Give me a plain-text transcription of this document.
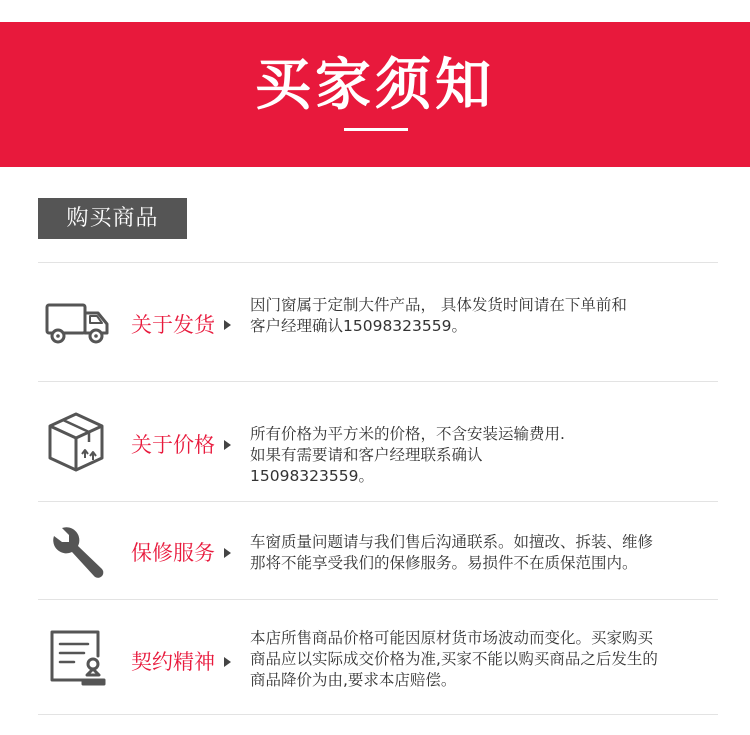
买家须知
购买商品
关于发货

因门窗属于定制大件产品， 具体发货时间请在下单前和

客户经理确认15098323559。

关于价格 所有价格为平方米的价格，不含安装运输费用.

如果有需要请和客户经理联系确认

15098323559。

保修服务 车窗质量问题请与我们售后沟通联系。如擅改、拆装、维修

那将不能享受我们的保修服务。易损件不在质保范围内。

契约精神

本店所售商品价格可能因原材货市场波动而变化。买家购买

商品应以实际成交价格为准,买家不能以购买商品之后发生的

商品降价为由,要求本店赔偿。
